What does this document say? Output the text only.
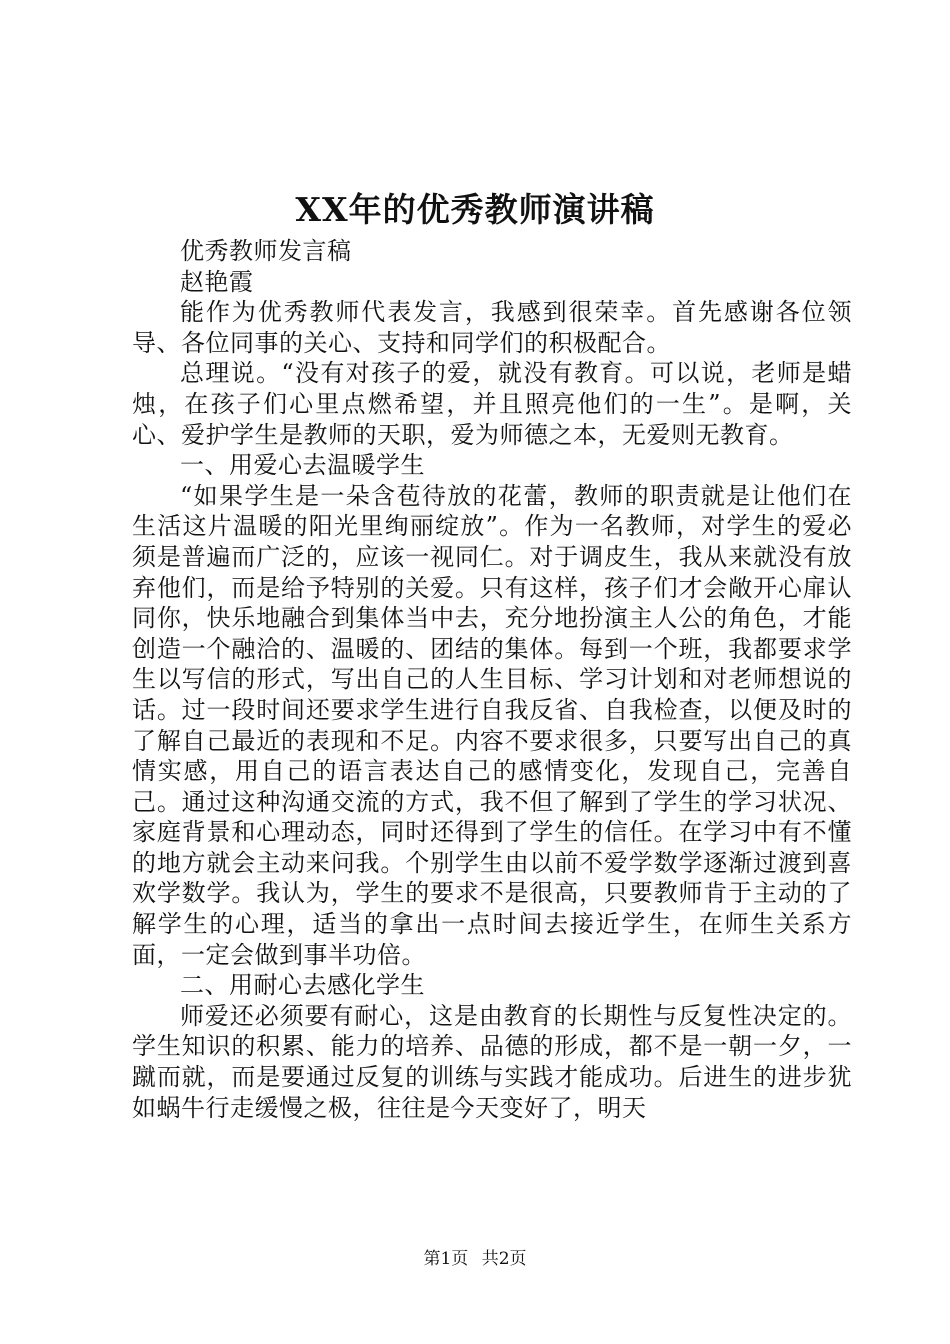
XX年的优秀教师演讲稿

优秀教师发言稿

赵艳霞

能作为优秀教师代表发言，我感到很荣幸。首先感谢各位领导、各位同事的关心、支持和同学们的积极配合。

总理说。“没有对孩子的爱，就没有教育。可以说，老师是蜡烛，在孩子们心里点燃希望，并且照亮他们的一生”。是啊，关心、爱护学生是教师的天职，爱为师德之本，无爱则无教育。

一、用爱心去温暖学生

“如果学生是一朵含苞待放的花蕾，教师的职责就是让他们在生活这片温暖的阳光里绚丽绽放”。作为一名教师，对学生的爱必须是普遍而广泛的，应该一视同仁。对于调皮生，我从来就没有放弃他们，而是给予特别的关爱。只有这样，孩子们才会敞开心扉认同你，快乐地融合到集体当中去，充分地扮演主人公的角色，才能创造一个融洽的、温暖的、团结的集体。每到一个班，我都要求学生以写信的形式，写出自己的人生目标、学习计划和对老师想说的话。过一段时间还要求学生进行自我反省、自我检查，以便及时的了解自己最近的表现和不足。内容不要求很多，只要写出自己的真情实感，用自己的语言表达自己的感情变化，发现自己，完善自己。通过这种沟通交流的方式，我不但了解到了学生的学习状况、家庭背景和心理动态，同时还得到了学生的信任。在学习中有不懂的地方就会主动来问我。个别学生由以前不爱学数学逐渐过渡到喜欢学数学。我认为，学生的要求不是很高，只要教师肯于主动的了解学生的心理，适当的拿出一点时间去接近学生，在师生关系方面，一定会做到事半功倍。

二、用耐心去感化学生

师爱还必须要有耐心，这是由教育的长期性与反复性决定的。学生知识的积累、能力的培养、品德的形成，都不是一朝一夕，一蹴而就，而是要通过反复的训练与实践才能成功。后进生的进步犹如蜗牛行走缓慢之极，往往是今天变好了，明天

第1页 共2页
